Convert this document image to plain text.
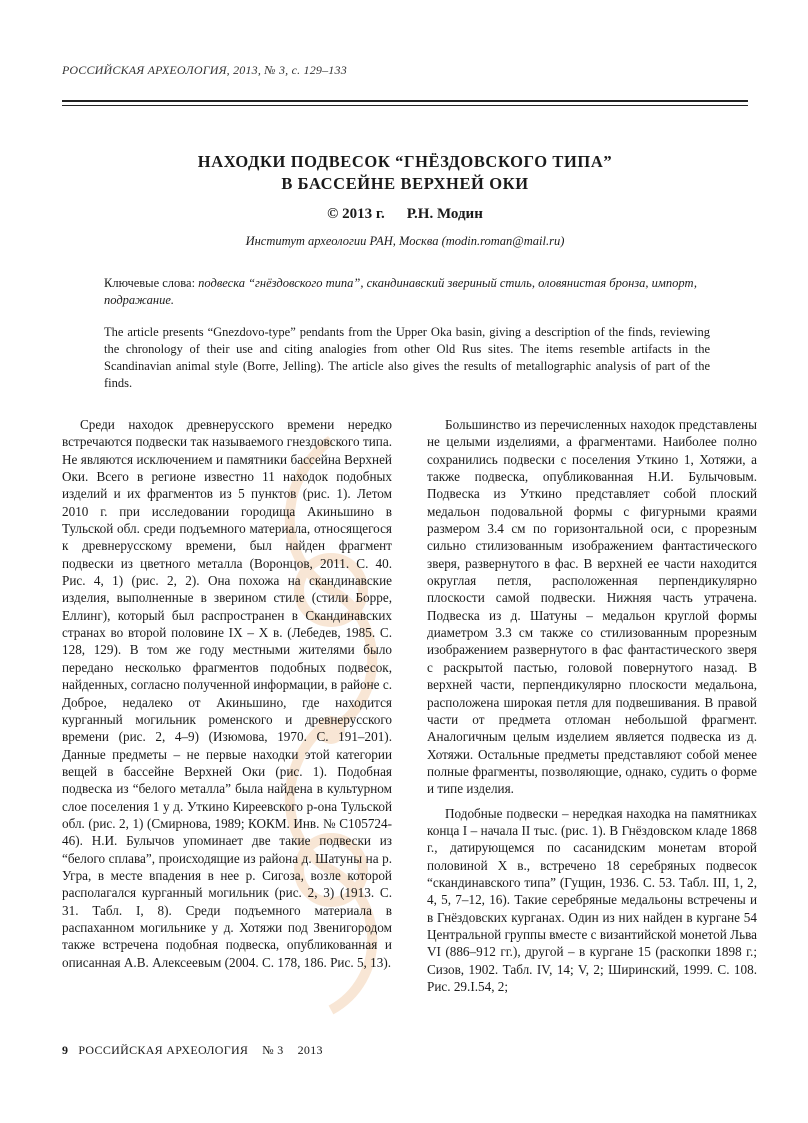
РОССИЙСКАЯ АРХЕОЛОГИЯ, 2013, № 3, с. 129–133
НАХОДКИ ПОДВЕСОК “ГНЁЗДОВСКОГО ТИПА”
В БАССЕЙНЕ ВЕРХНЕЙ ОКИ
© 2013 г. Р.Н. Модин
Институт археологии РАН, Москва (modin.roman@mail.ru)
Ключевые слова: подвеска “гнёздовского типа”, скандинавский звериный стиль, оловянистая бронза, импорт, подражание.
The article presents “Gnezdovo-type” pendants from the Upper Oka basin, giving a description of the finds, reviewing the chronology of their use and citing analogies from other Old Rus sites. The items resemble artifacts in the Scandinavian animal style (Borre, Jelling). The article also gives the results of metallographic analysis of part of the finds.

Среди находок древнерусского времени нередко встречаются подвески так называемого гнездовского типа. Не являются исключением и памятники бассейна Верхней Оки. Всего в регионе известно 11 находок подобных изделий и их фрагментов из 5 пунктов (рис. 1). Летом 2010 г. при исследовании городища Акиньшино в Тульской обл. среди подъемного материала, относящегося к древнерусскому времени, был найден фрагмент подвески из цветного металла (Воронцов, 2011. С. 40. Рис. 4, 1) (рис. 2, 2). Она похожа на скандинавские изделия, выполненные в зверином стиле (стили Борре, Еллинг), который был распространен в Скандинавских странах во второй половине IX – X в. (Лебедев, 1985. С. 128, 129). В том же году местными жителями было передано несколько фрагментов подобных подвесок, найденных, согласно полученной информации, в районе с. Доброе, недалеко от Акиньшино, где находится курганный могильник роменского и древнерусского времени (рис. 2, 4–9) (Изюмова, 1970. С. 191–201). Данные предметы – не первые находки этой категории вещей в бассейне Верхней Оки (рис. 1). Подобная подвеска из “белого металла” была найдена в культурном слое поселения 1 у д. Уткино Киреевского р-она Тульской обл. (рис. 2, 1) (Смирнова, 1989; КОКМ. Инв. № С105724-46). Н.И. Булычов упоминает две такие подвески из “белого сплава”, происходящие из района д. Шатуны на р. Угра, в месте впадения в нее р. Сигоза, возле которой располагался курганный могильник (рис. 2, 3) (1913. С. 31. Табл. I, 8). Среди подъемного материала в распаханном могильнике у д. Хотяжи под Звенигородом также встречена подобная подвеска, опубликованная и описанная А.В. Алексеевым (2004. С. 178, 186. Рис. 5, 13).

Большинство из перечисленных находок представлены не целыми изделиями, а фрагментами. Наиболее полно сохранились подвески с поселения Уткино 1, Хотяжи, а также подвеска, опубликованная Н.И. Булычовым. Подвеска из Уткино представляет собой плоский медальон подовальной формы с фигурными краями размером 3.4 см по горизонтальной оси, с прорезным сильно стилизованным изображением фантастического зверя, развернутого в фас. В верхней ее части находится округлая петля, расположенная перпендикулярно плоскости самой подвески. Нижняя часть утрачена. Подвеска из д. Шатуны – медальон круглой формы диаметром 3.3 см также со стилизованным прорезным изображением развернутого в фас фантастического зверя с раскрытой пастью, головой повернутого назад. В верхней части, перпендикулярно плоскости медальона, расположена широкая петля для подвешивания. В правой части от предмета отломан небольшой фрагмент. Аналогичным целым изделием является подвеска из д. Хотяжи. Остальные предметы представляют собой менее полные фрагменты, позволяющие, однако, судить о форме и типе изделия.

Подобные подвески – нередкая находка на памятниках конца I – начала II тыс. (рис. 1). В Гнёздовском кладе 1868 г., датирующемся по сасанидским монетам второй половиной X в., встречено 18 серебряных подвесок “скандинавского типа” (Гущин, 1936. С. 53. Табл. III, 1, 2, 4, 5, 7–12, 16). Такие серебряные медальоны встречены и в Гнёздовских курганах. Один из них найден в кургане 54 Центральной группы вместе с византийской монетой Льва VI (886–912 гг.), другой – в кургане 15 (раскопки 1898 г.; Сизов, 1902. Табл. IV, 14; V, 2; Ширинский, 1999. С. 108. Рис. 29.I.54, 2;

9 РОССИЙСКАЯ АРХЕОЛОГИЯ № 3 2013
